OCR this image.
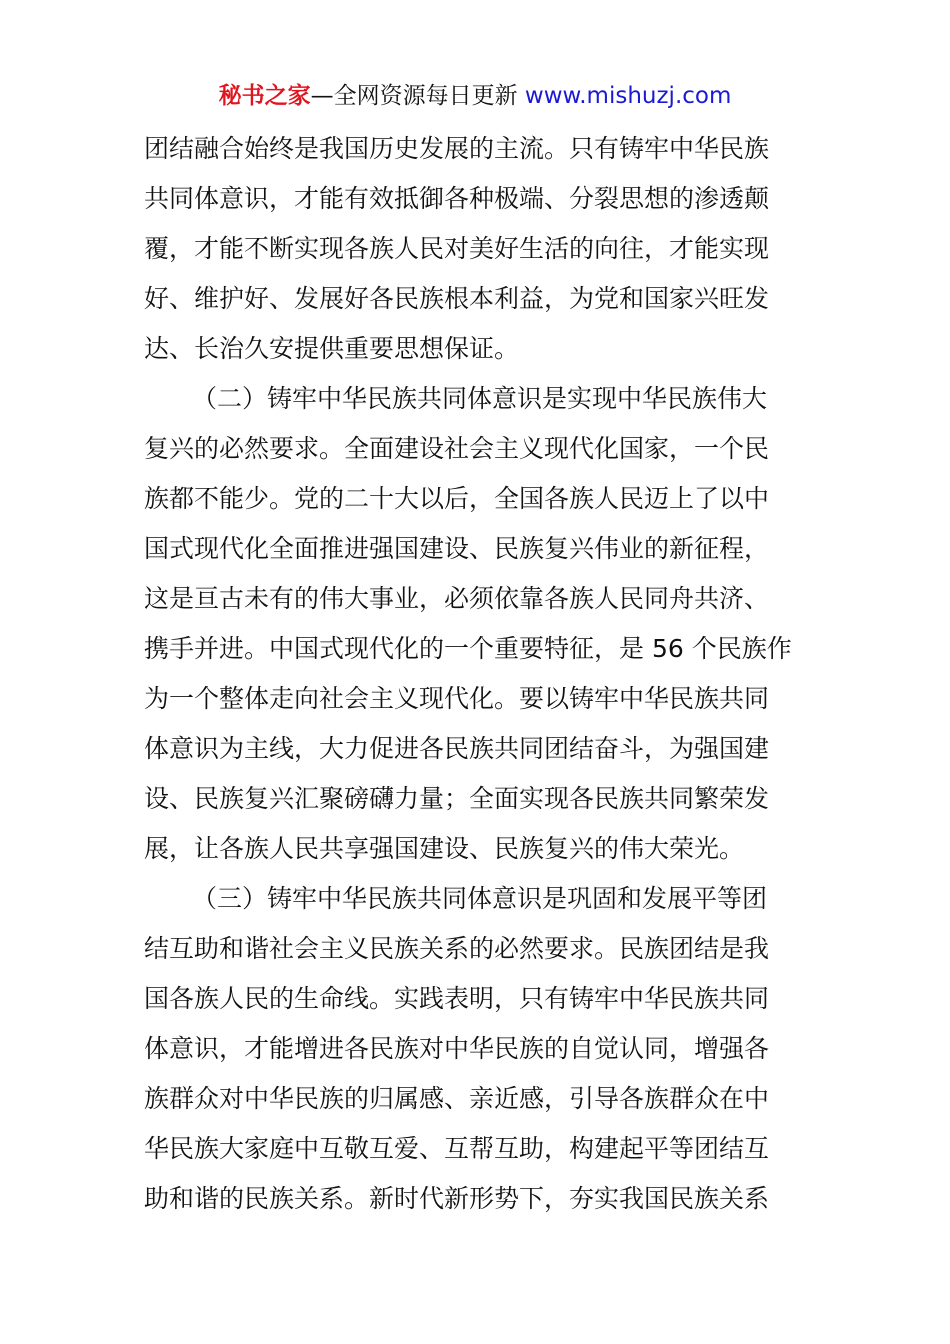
秘书之家—全网资源每日更新 www.mishuzj.com
团结融合始终是我国历史发展的主流。只有铸牢中华民族
共同体意识，才能有效抵御各种极端、分裂思想的渗透颠
覆，才能不断实现各族人民对美好生活的向往，才能实现
好、维护好、发展好各民族根本利益，为党和国家兴旺发
达、长治久安提供重要思想保证。
（二）铸牢中华民族共同体意识是实现中华民族伟大
复兴的必然要求。全面建设社会主义现代化国家，一个民
族都不能少。党的二十大以后，全国各族人民迈上了以中
国式现代化全面推进强国建设、民族复兴伟业的新征程，
这是亘古未有的伟大事业，必须依靠各族人民同舟共济、
携手并进。中国式现代化的一个重要特征，是 56 个民族作
为一个整体走向社会主义现代化。要以铸牢中华民族共同
体意识为主线，大力促进各民族共同团结奋斗，为强国建
设、民族复兴汇聚磅礴力量；全面实现各民族共同繁荣发
展，让各族人民共享强国建设、民族复兴的伟大荣光。
（三）铸牢中华民族共同体意识是巩固和发展平等团
结互助和谐社会主义民族关系的必然要求。民族团结是我
国各族人民的生命线。实践表明，只有铸牢中华民族共同
体意识，才能增进各民族对中华民族的自觉认同，增强各
族群众对中华民族的归属感、亲近感，引导各族群众在中
华民族大家庭中互敬互爱、互帮互助，构建起平等团结互
助和谐的民族关系。新时代新形势下，夯实我国民族关系
